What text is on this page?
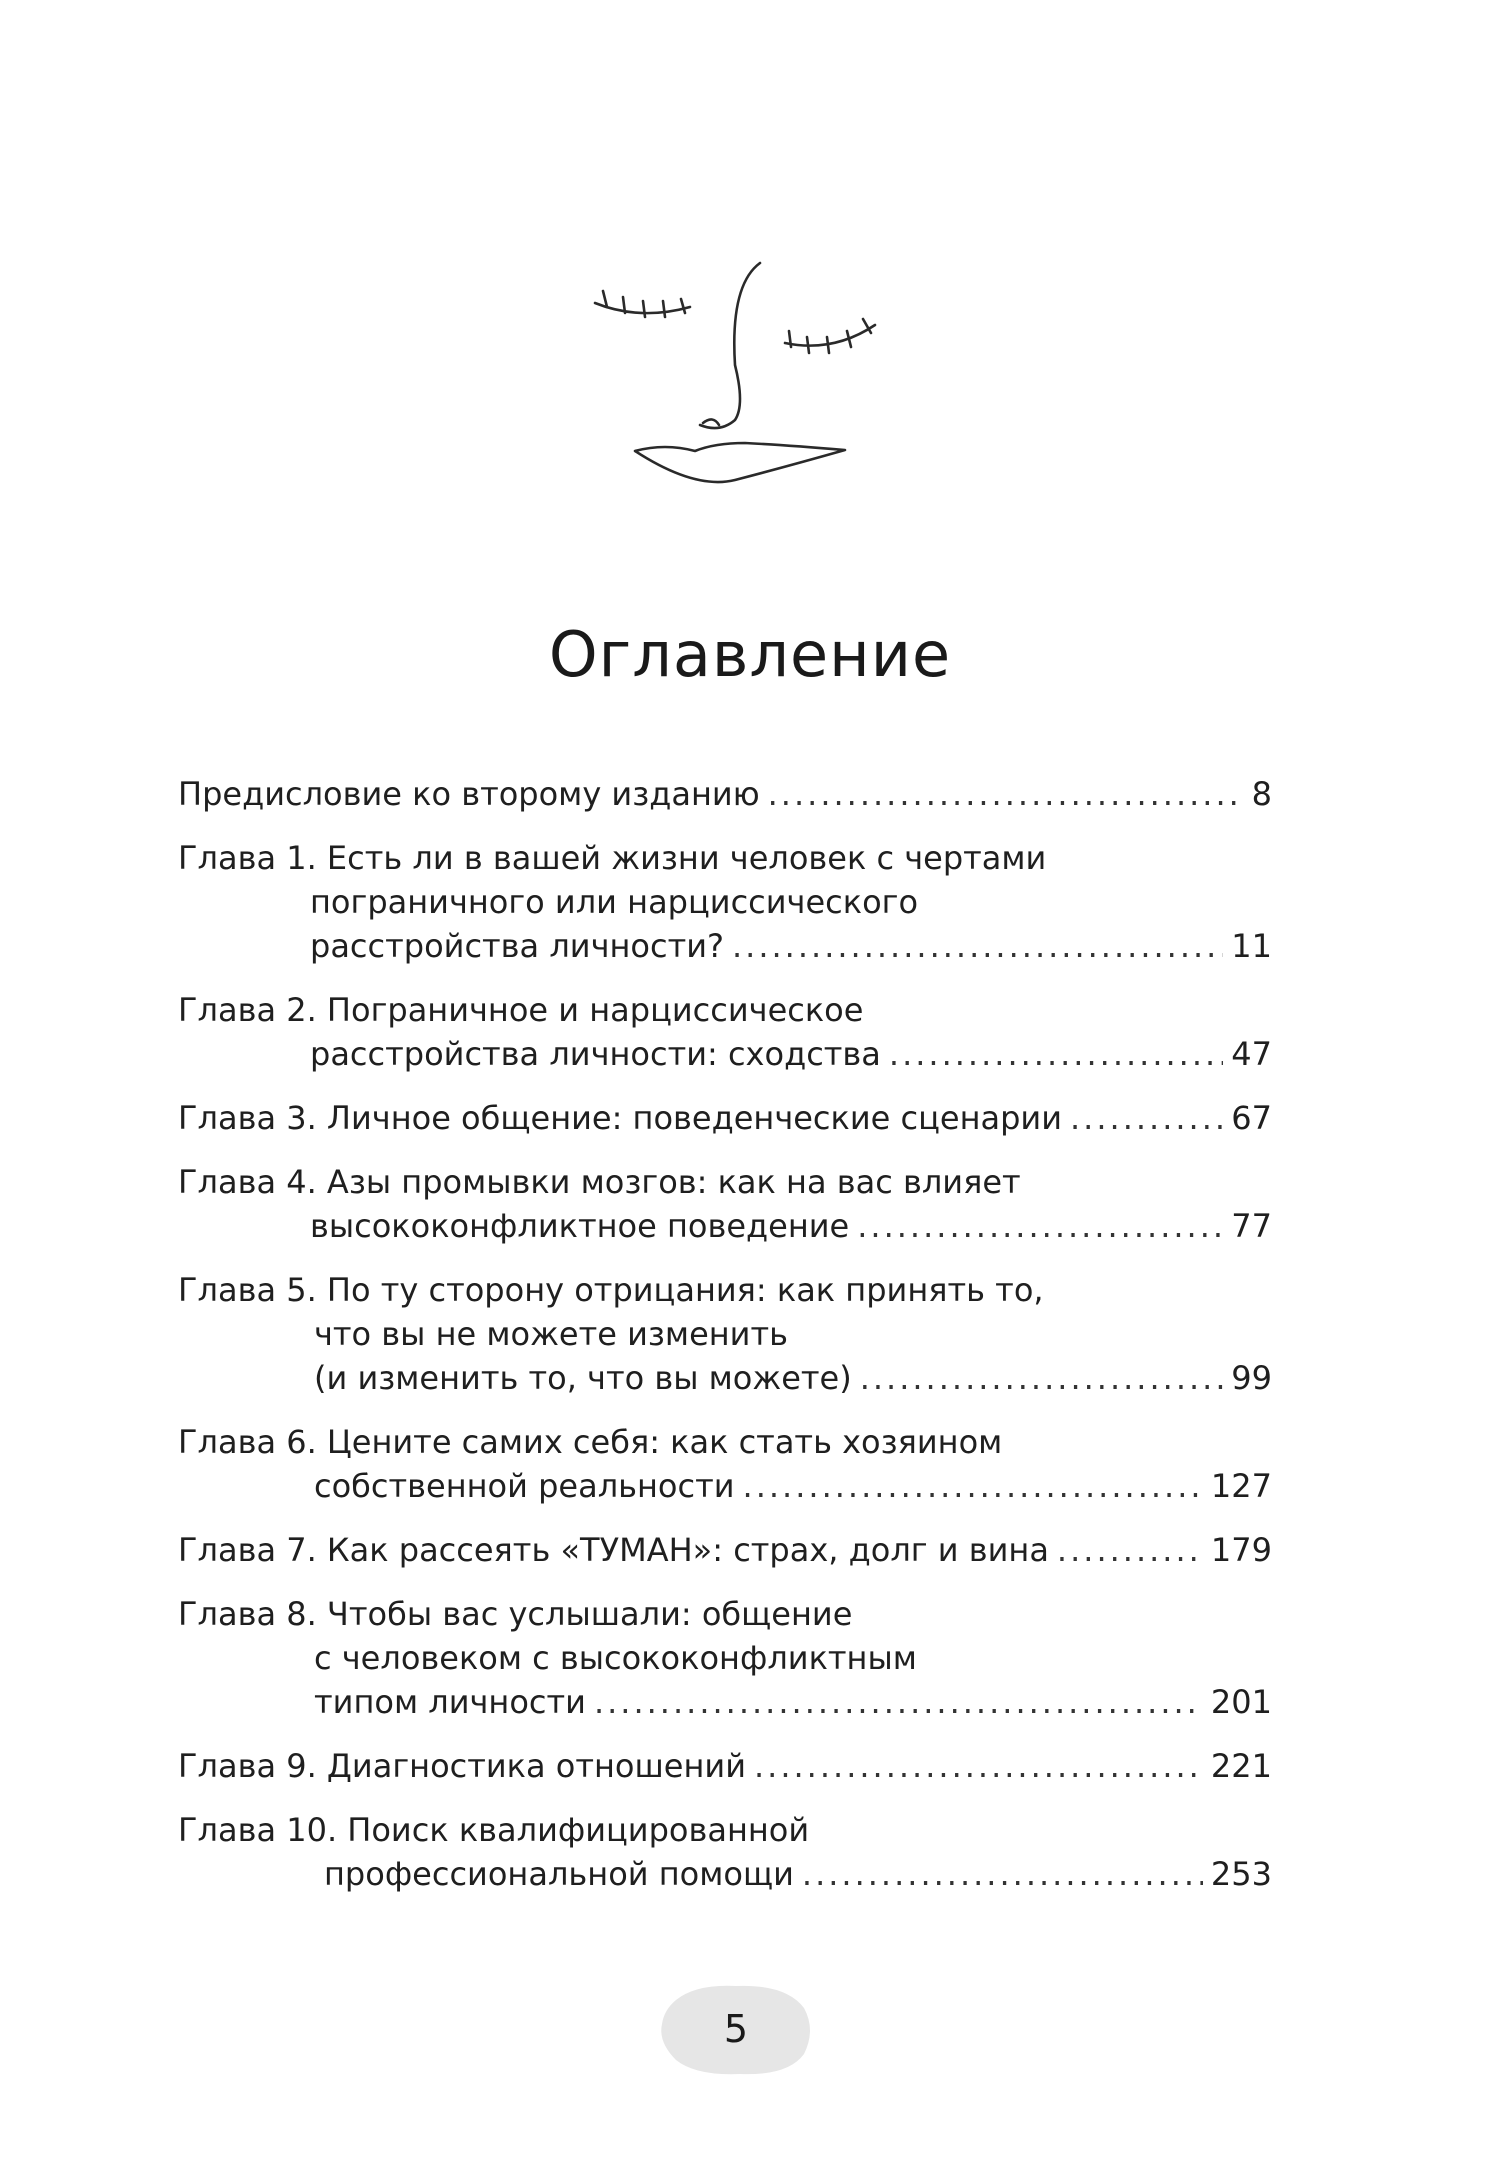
Оглавление
Предисловие ко второму изданию .....	8
Глава 1. Есть ли в вашей жизни человек с чертами
пограничного или нарциссического
расстройства личности? .....	11
Глава 2. Пограничное и нарциссическое
расстройства личности: сходства .....	47
Глава 3. Личное общение: поведенческие сценарии .....	67
Глава 4. Азы промывки мозгов: как на вас влияет
высококонфликтное поведение .....	77
Глава 5. По ту сторону отрицания: как принять то,
что вы не можете изменить
(и изменить то, что вы можете) .....	99
Глава 6. Цените самих себя: как стать хозяином
собственной реальности .....	127
Глава 7. Как рассеять «ТУМАН»: страх, долг и вина .....	179
Глава 8. Чтобы вас услышали: общение
с человеком с высококонфликтным
типом личности .....	201
Глава 9. Диагностика отношений .....	221
Глава 10. Поиск квалифицированной
профессиональной помощи .....	253
5
